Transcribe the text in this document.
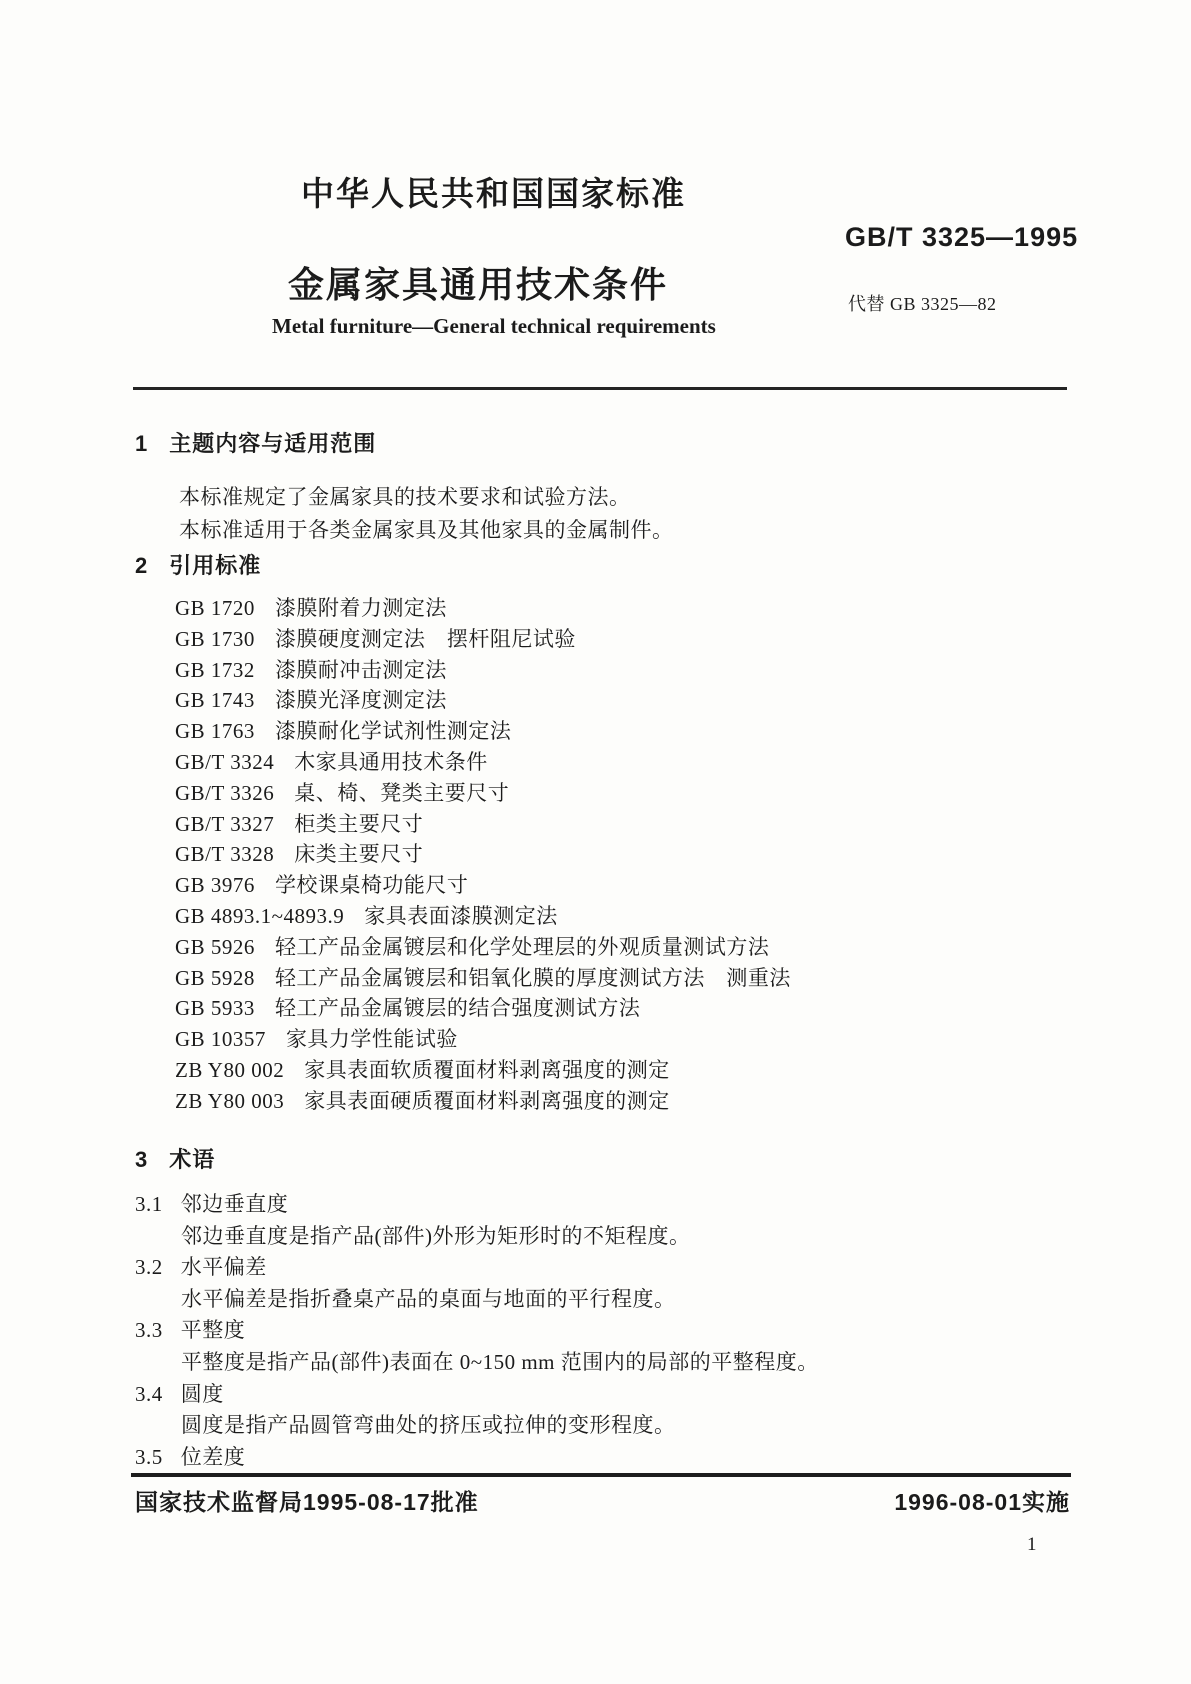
中华人民共和国国家标准
GB/T 3325—1995
金属家具通用技术条件	代替 GB 3325—82
Metal furniture—General technical requirements
1 主题内容与适用范围
本标准规定了金属家具的技术要求和试验方法。
本标准适用于各类金属家具及其他家具的金属制件。
2 引用标准
GB 1720 漆膜附着力测定法
GB 1730 漆膜硬度测定法　摆杆阻尼试验
GB 1732 漆膜耐冲击测定法
GB 1743 漆膜光泽度测定法
GB 1763 漆膜耐化学试剂性测定法
GB/T 3324 木家具通用技术条件
GB/T 3326 桌、椅、凳类主要尺寸
GB/T 3327 柜类主要尺寸
GB/T 3328 床类主要尺寸
GB 3976 学校课桌椅功能尺寸
GB 4893.1~4893.9 家具表面漆膜测定法
GB 5926 轻工产品金属镀层和化学处理层的外观质量测试方法
GB 5928 轻工产品金属镀层和铝氧化膜的厚度测试方法　测重法
GB 5933 轻工产品金属镀层的结合强度测试方法
GB 10357 家具力学性能试验
ZB Y80 002 家具表面软质覆面材料剥离强度的测定
ZB Y80 003 家具表面硬质覆面材料剥离强度的测定
3 术语
3.1 邻边垂直度
邻边垂直度是指产品(部件)外形为矩形时的不矩程度。
3.2 水平偏差
水平偏差是指折叠桌产品的桌面与地面的平行程度。
3.3 平整度
平整度是指产品(部件)表面在 0~150 mm 范围内的局部的平整程度。
3.4 圆度
圆度是指产品圆管弯曲处的挤压或拉伸的变形程度。
3.5 位差度
国家技术监督局1995-08-17批准	1996-08-01实施
1
